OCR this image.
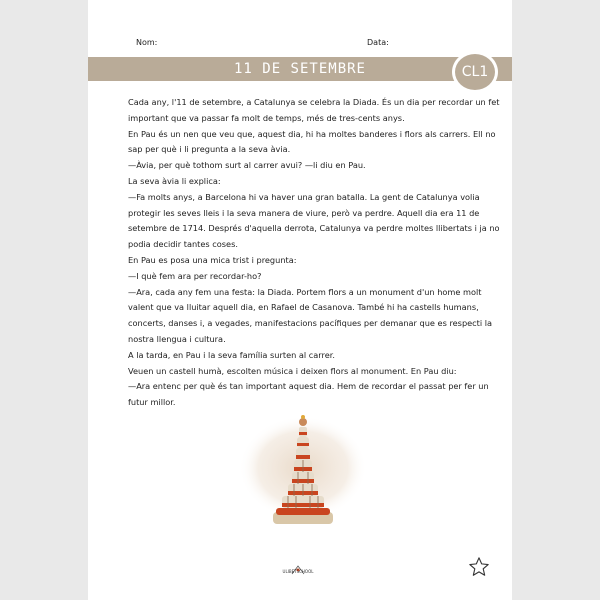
Nom:	Data:
11 DE SETEMBRE	CL1

Cada any, l'11 de setembre, a Catalunya se celebra la Diada. És un dia per recordar un fet important que va passar fa molt de temps, més de tres-cents anys.

En Pau és un nen que veu que, aquest dia, hi ha moltes banderes i flors als carrers. Ell no sap per què i li pregunta a la seva àvia.

—Àvia, per què tothom surt al carrer avui? —li diu en Pau.

La seva àvia li explica:

—Fa molts anys, a Barcelona hi va haver una gran batalla. La gent de Catalunya volia protegir les seves lleis i la seva manera de viure, però va perdre. Aquell dia era 11 de setembre de 1714. Després d'aquella derrota, Catalunya va perdre moltes llibertats i ja no podia decidir tantes coses.

En Pau es posa una mica trist i pregunta:

—I què fem ara per recordar-ho?

—Ara, cada any fem una festa: la Diada. Portem flors a un monument d'un home molt valent que va lluitar aquell dia, en Rafael de Casanova. També hi ha castells humans, concerts, danses i, a vegades, manifestacions pacífiques per demanar que es respecti la nostra llengua i cultura.

A la tarda, en Pau i la seva família surten al carrer.

Veuen un castell humà, escolten música i deixen flors al monument. En Pau diu:

—Ara entenc per què és tan important aquest dia. Hem de recordar el passat per fer un futur millor.

ULIBETSCHOOL
